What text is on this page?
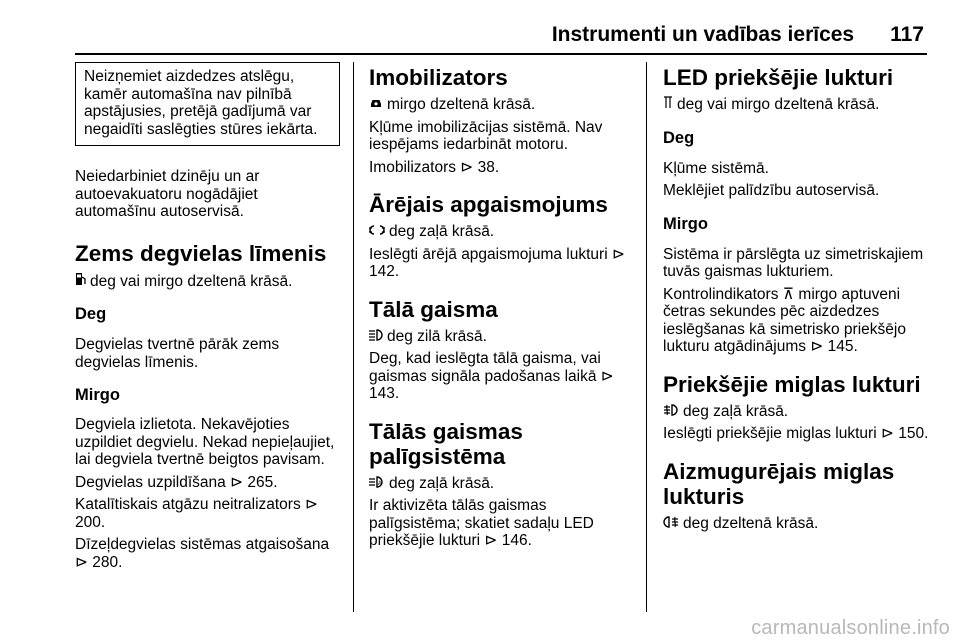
Instrumenti un vadības ierīces 117
Neizņemiet aizdedzes atslēgu, kamēr automašīna nav pilnībā apstājusies, pretējā gadījumā var negaidīti saslēgties stūres iekārta.

Neiedarbiniet dzinēju un ar autoevakuatoru nogādājiet automašīnu autoservisā.

Zems degvielas līmenis

deg vai mirgo dzeltenā krāsā.

Deg

Degvielas tvertnē pārāk zems degvielas līmenis.

Mirgo

Degviela izlietota. Nekavējoties uzpildiet degvielu. Nekad nepieļaujiet, lai degviela tvertnē beigtos pavisam.

Degvielas uzpildīšana ⊳ 265.

Katalītiskais atgāzu neitralizators ⊳ 200.

Dīzeļdegvielas sistēmas atgaisošana ⊳ 280.

Imobilizators

mirgo dzeltenā krāsā.

Kļūme imobilizācijas sistēmā. Nav iespējams iedarbināt motoru.

Imobilizators ⊳ 38.

Ārējais apgaismojums

deg zaļā krāsā.

Ieslēgti ārējā apgaismojuma lukturi ⊳ 142.

Tālā gaisma

deg zilā krāsā.

Deg, kad ieslēgta tālā gaisma, vai gaismas signāla padošanas laikā ⊳ 143.

Tālās gaismas palīgsistēma

A deg zaļā krāsā.

Ir aktivizēta tālās gaismas palīgsistēma; skatiet sadaļu LED priekšējie lukturi ⊳ 146.

LED priekšējie lukturi

deg vai mirgo dzeltenā krāsā.

Deg

Kļūme sistēmā.

Meklējiet palīdzību autoservisā.

Mirgo

Sistēma ir pārslēgta uz simetriskajiem tuvās gaismas lukturiem.

Kontrolindikators ⊼ mirgo aptuveni četras sekundes pēc aizdedzes ieslēgšanas kā simetrisko priekšējo lukturu atgādinājums ⊳ 145.

Priekšējie miglas lukturi

deg zaļā krāsā.

Ieslēgti priekšējie miglas lukturi ⊳ 150.

Aizmugurējais miglas lukturis

deg dzeltenā krāsā.

carmanualsonline.info
